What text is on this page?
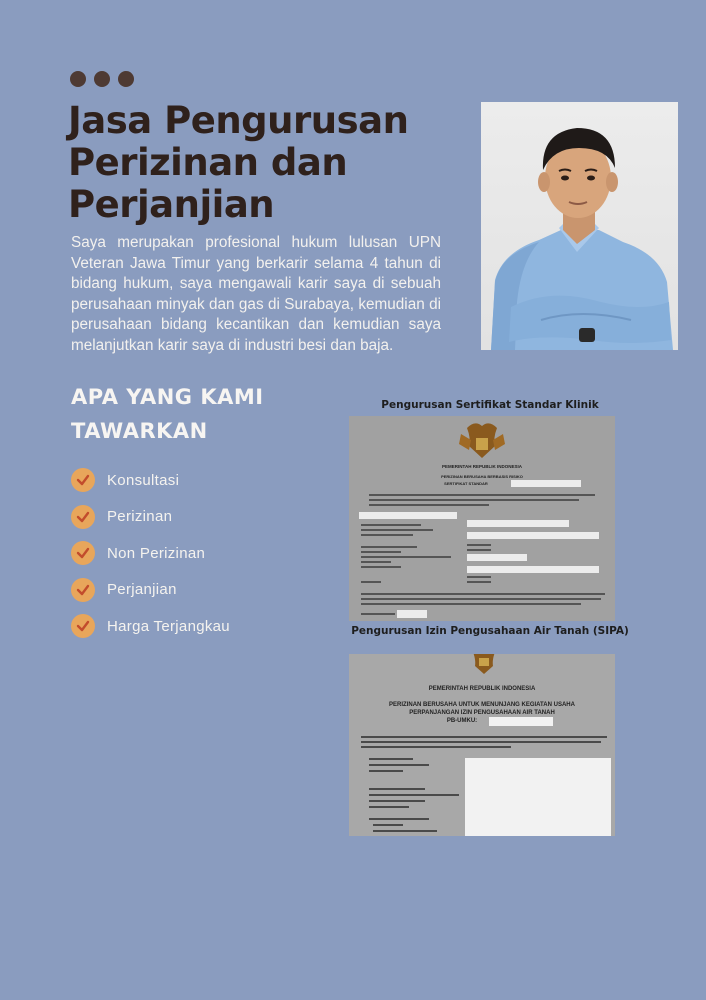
Jasa Pengurusan Perizinan dan Perjanjian

Saya merupakan profesional hukum lulusan UPN Veteran Jawa Timur yang berkarir selama 4 tahun di bidang hukum, saya mengawali karir saya di sebuah perusahaan minyak dan gas di Surabaya, kemudian di perusahaan bidang kecantikan dan kemudian saya melanjutkan karir saya di industri besi dan baja.

APA YANG KAMI TAWARKAN
Konsultasi
Perizinan
Non Perizinan
Perjanjian
Harga Terjangkau
Pengurusan Sertifikat Standar Klinik
PEMERINTAH REPUBLIK INDONESIA
PERIZINAN BERUSAHA BERBASIS RISIKO
SERTIFIKAT STANDAR
Pengurusan Izin Pengusahaan Air Tanah (SIPA)
PEMERINTAH REPUBLIK INDONESIA
PERIZINAN BERUSAHA UNTUK MENUNJANG KEGIATAN USAHA
PERPANJANGAN IZIN PENGUSAHAAN AIR TANAH
PB-UMKU:
